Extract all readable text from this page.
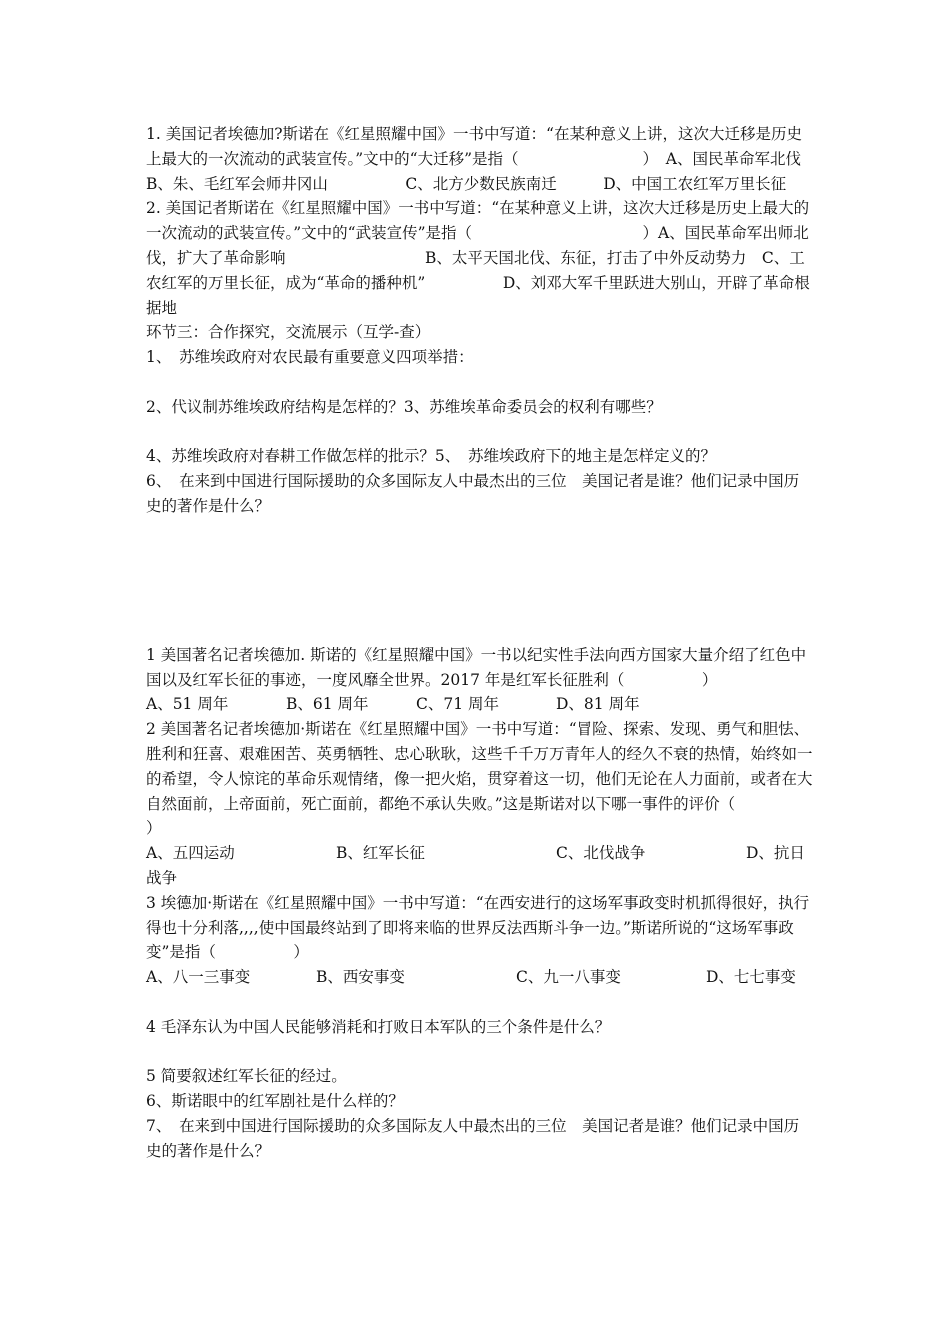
1. 美国记者埃德加?斯诺在《红星照耀中国》一书中写道：“在某种意义上讲，这次大迁移是历史上最大的一次流动的武装宣传。”文中的“大迁移”是指（　　　　　　　　）　A、国民革命军北伐　　　　　B、朱、毛红军会师井冈山　　　　　C、北方少数民族南迁　　　D、中国工农红军万里长征

2. 美国记者斯诺在《红星照耀中国》一书中写道：“在某种意义上讲，这次大迁移是历史上最大的一次流动的武装宣传。”文中的“武装宣传”是指（　　　　　　　　　　　）A、国民革命军出师北伐，扩大了革命影响　　　　　　　　　B、太平天国北伐、东征，打击了中外反动势力　C、工农红军的万里长征，成为“革命的播种机”　　　　　D、刘邓大军千里跃进大别山，开辟了革命根据地

环节三：合作探究，交流展示（互学-查）

1、　苏维埃政府对农民最有重要意义四项举措：

2、代议制苏维埃政府结构是怎样的？3、苏维埃革命委员会的权利有哪些？

4、苏维埃政府对春耕工作做怎样的批示？5、　苏维埃政府下的地主是怎样定义的？

6、　在来到中国进行国际援助的众多国际友人中最杰出的三位　美国记者是谁？他们记录中国历史的著作是什么？

1 美国著名记者埃德加. 斯诺的《红星照耀中国》一书以纪实性手法向西方国家大量介绍了红色中国以及红军长征的事迹，一度风靡全世界。2017 年是红军长征胜利（　　　　　）

A、51 周年	B、61 周年	C、71 周年	D、81 周年

2 美国著名记者埃德加·斯诺在《红星照耀中国》一书中写道：“冒险、探索、发现、勇气和胆怯、胜利和狂喜、艰难困苦、英勇牺牲、忠心耿耿，这些千千万万青年人的经久不衰的热情，始终如一的希望，令人惊诧的革命乐观情绪，像一把火焰，贯穿着这一切，他们无论在人力面前，或者在大自然面前，上帝面前，死亡面前，都绝不承认失败。”这是斯诺对以下哪一事件的评价（　　　　　　　　）

A、五四运动	B、红军长征	C、北伐战争	D、抗日

战争

3 埃德加·斯诺在《红星照耀中国》一书中写道：“在西安进行的这场军事政变时机抓得很好，执行得也十分利落,,,,使中国最终站到了即将来临的世界反法西斯斗争一边。”斯诺所说的“这场军事政变”是指（　　　　　）

A、八一三事变	B、西安事变	C、九一八事变	D、七七事变

4 毛泽东认为中国人民能够消耗和打败日本军队的三个条件是什么？

5 简要叙述红军长征的经过。

6、斯诺眼中的红军剧社是什么样的？

7、　在来到中国进行国际援助的众多国际友人中最杰出的三位　美国记者是谁？他们记录中国历史的著作是什么？
